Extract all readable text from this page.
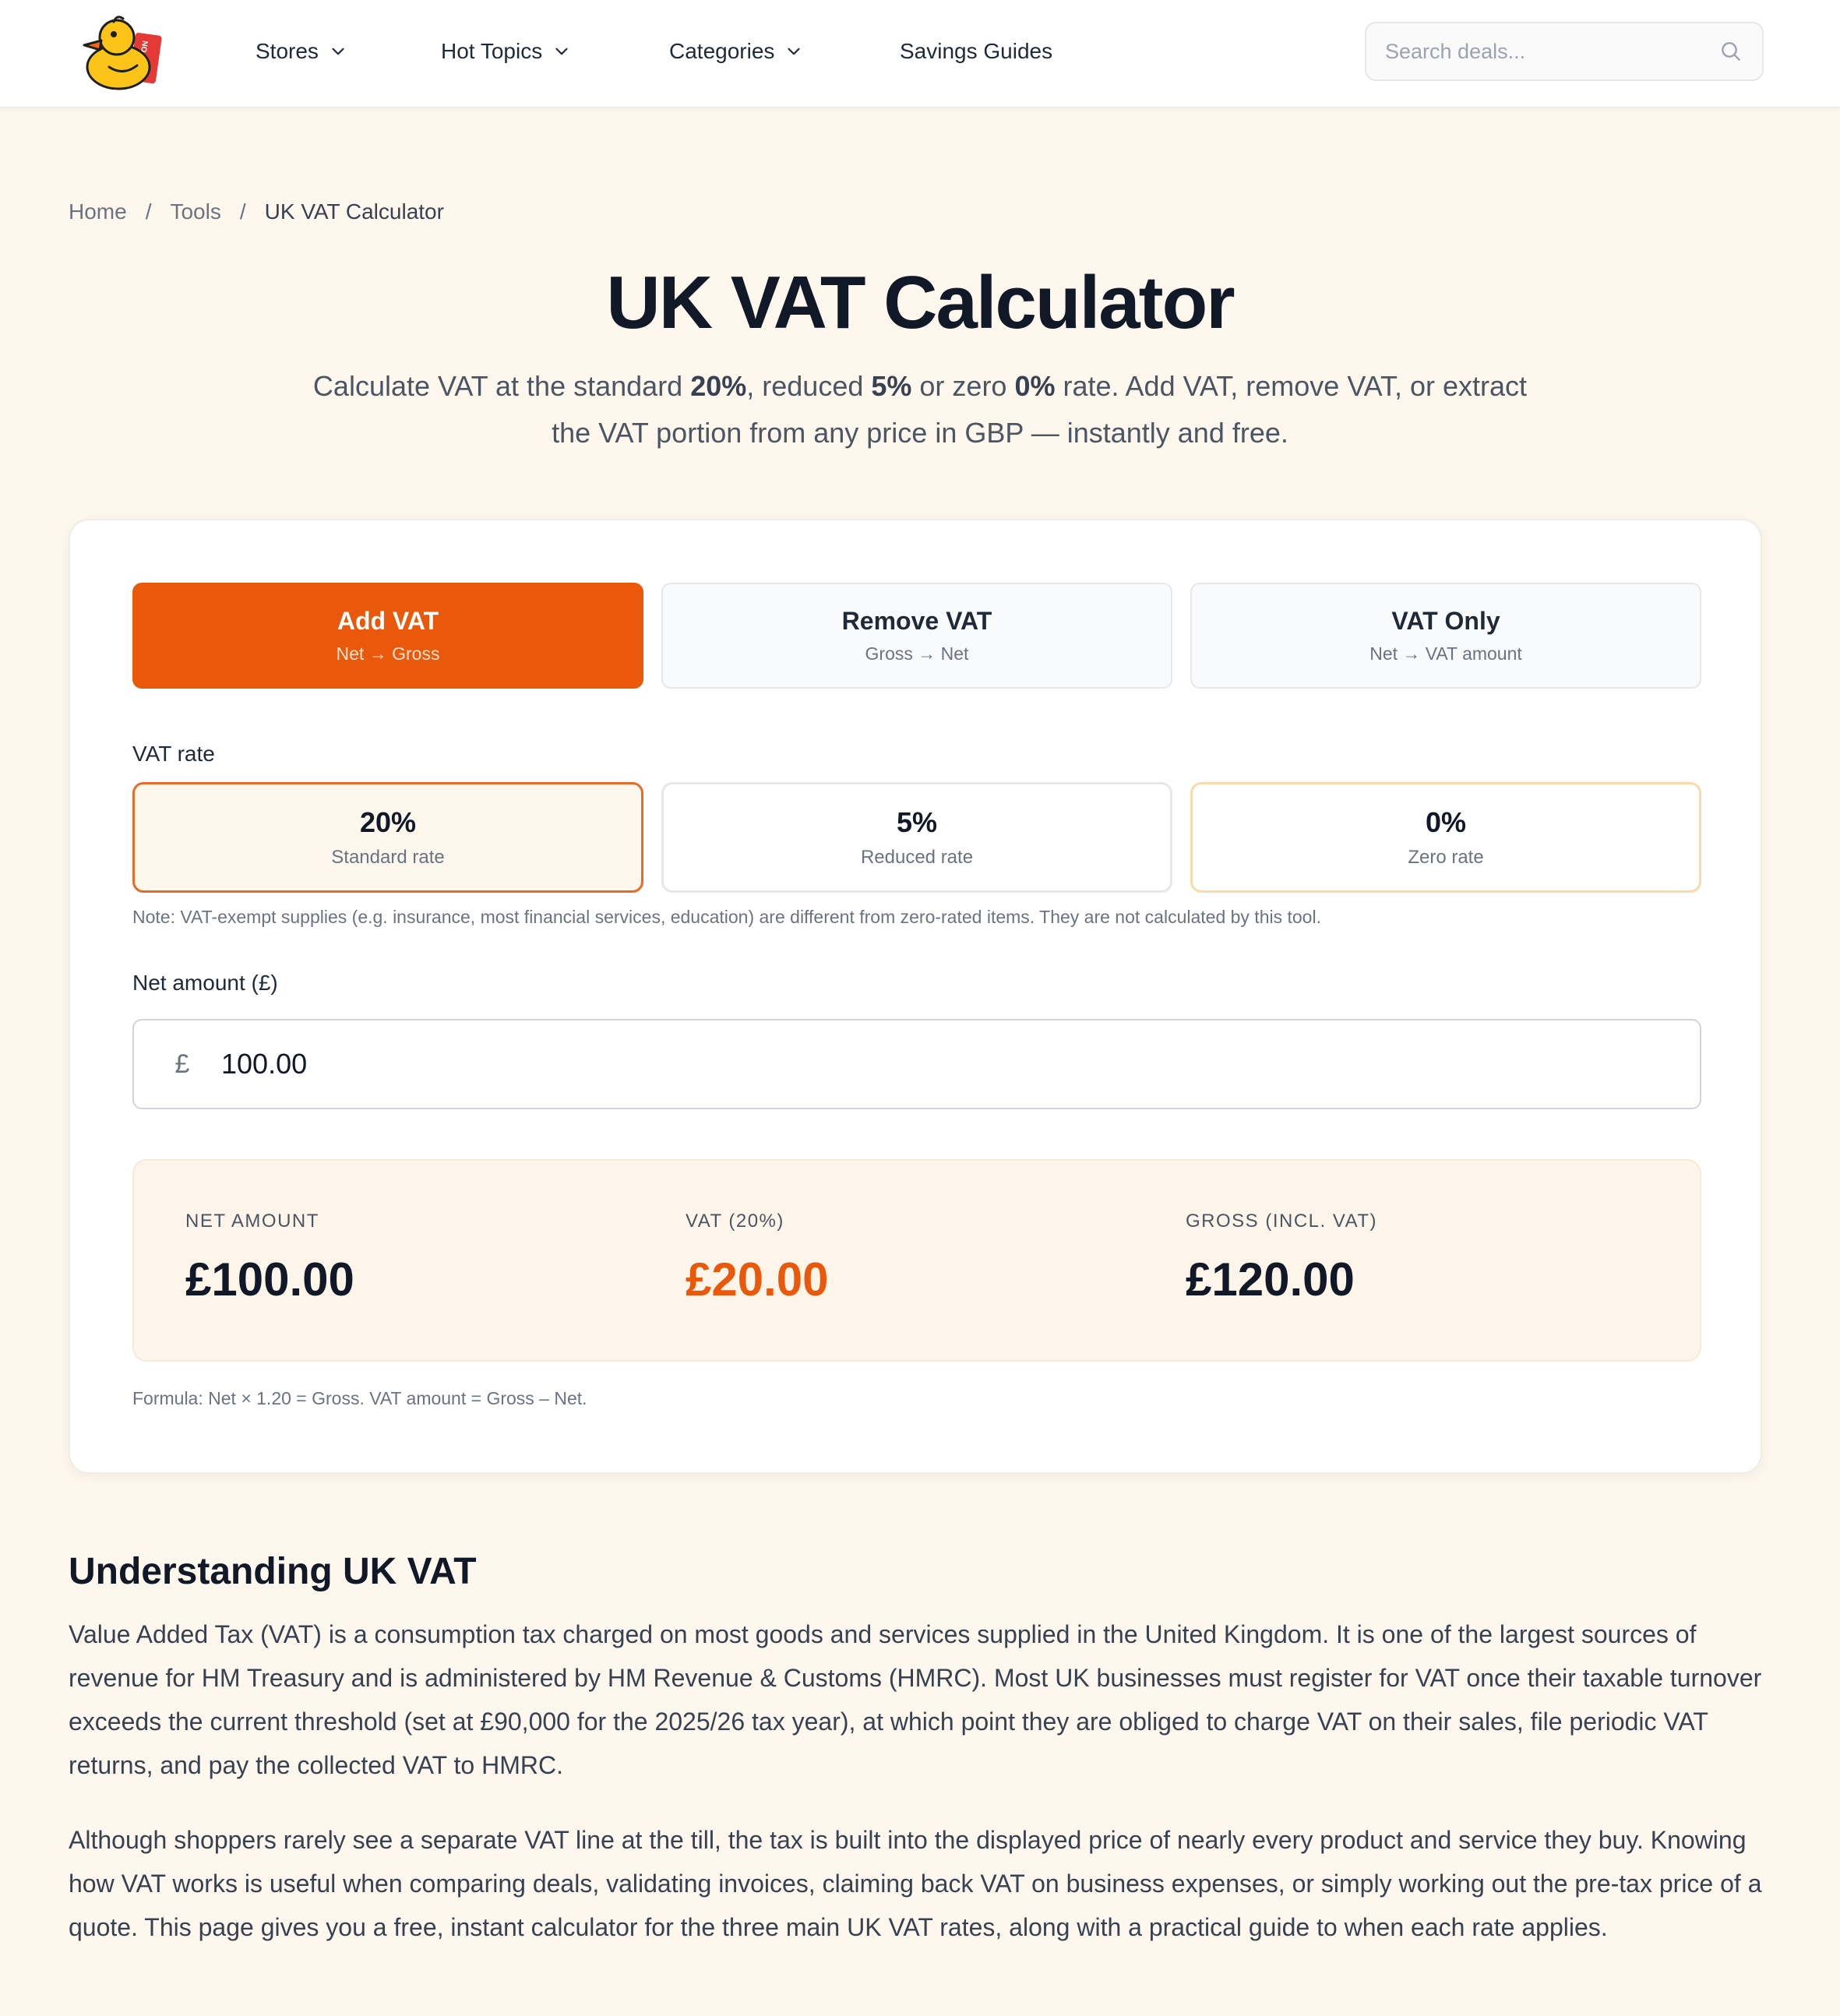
Stores	Hot Topics	Categories	Savings Guides
Search deals...
Home / Tools / UK VAT Calculator
UK VAT Calculator

Calculate VAT at the standard 20%, reduced 5% or zero 0% rate. Add VAT, remove VAT, or extract the VAT portion from any price in GBP — instantly and free.

Add VAT
Net → Gross
Remove VAT
Gross → Net
VAT Only
Net → VAT amount
VAT rate
20%
Standard rate
5%
Reduced rate
0%
Zero rate

Note: VAT-exempt supplies (e.g. insurance, most financial services, education) are different from zero-rated items. They are not calculated by this tool.

Net amount (£)
£
100.00
NET AMOUNT
£100.00
VAT (20%)
£20.00
GROSS (INCL. VAT)
£120.00

Formula: Net × 1.20 = Gross. VAT amount = Gross – Net.

Understanding UK VAT

Value Added Tax (VAT) is a consumption tax charged on most goods and services supplied in the United Kingdom. It is one of the largest sources of revenue for HM Treasury and is administered by HM Revenue & Customs (HMRC). Most UK businesses must register for VAT once their taxable turnover exceeds the current threshold (set at £90,000 for the 2025/26 tax year), at which point they are obliged to charge VAT on their sales, file periodic VAT returns, and pay the collected VAT to HMRC.

Although shoppers rarely see a separate VAT line at the till, the tax is built into the displayed price of nearly every product and service they buy. Knowing how VAT works is useful when comparing deals, validating invoices, claiming back VAT on business expenses, or simply working out the pre-tax price of a quote. This page gives you a free, instant calculator for the three main UK VAT rates, along with a practical guide to when each rate applies.
